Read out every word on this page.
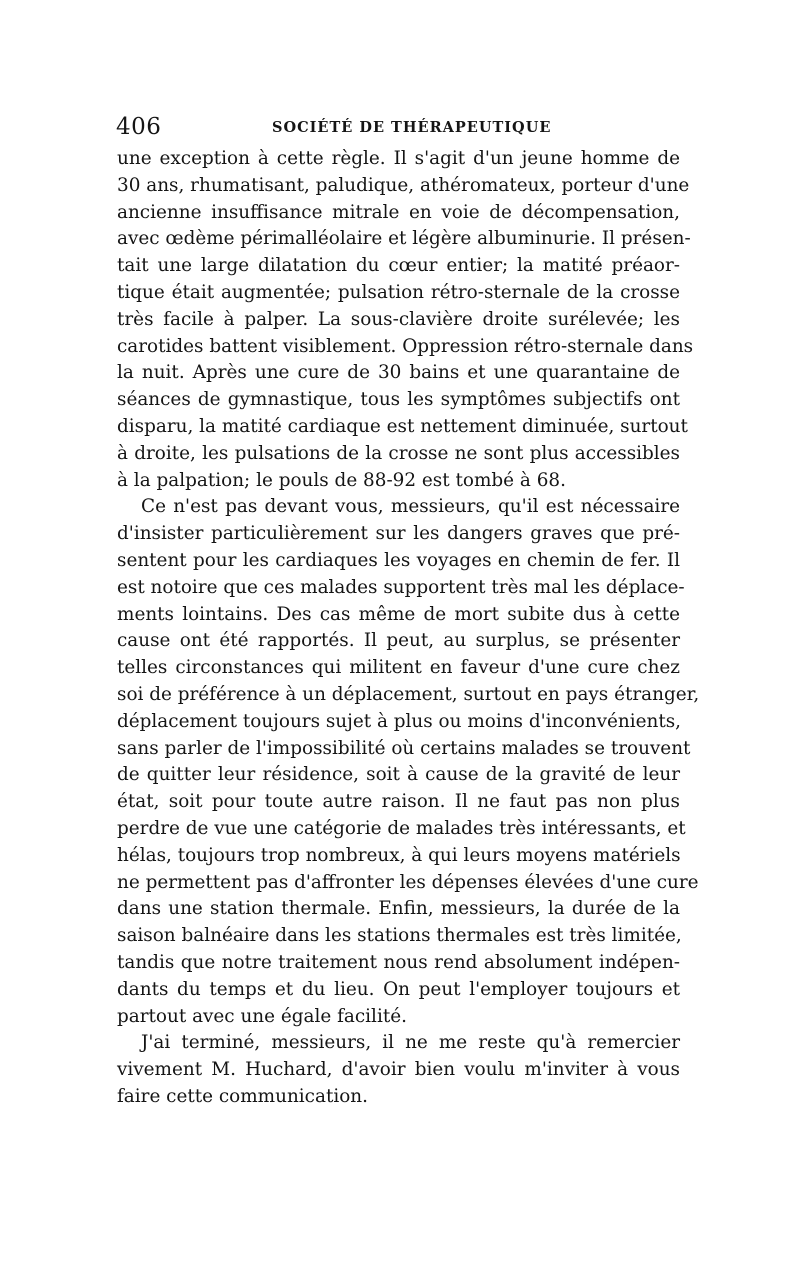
406	SOCIÉTÉ DE THÉRAPEUTIQUE
une exception à cette règle. Il s'agit d'un jeune homme de
30 ans, rhumatisant, paludique, athéromateux, porteur d'une
ancienne insuffisance mitrale en voie de décompensation,
avec œdème périmalléolaire et légère albuminurie. Il présen-
tait une large dilatation du cœur entier; la matité préaor-
tique était augmentée; pulsation rétro-sternale de la crosse
très facile à palper. La sous-clavière droite surélevée; les
carotides battent visiblement. Oppression rétro-sternale dans
la nuit. Après une cure de 30 bains et une quarantaine de
séances de gymnastique, tous les symptômes subjectifs ont
disparu, la matité cardiaque est nettement diminuée, surtout
à droite, les pulsations de la crosse ne sont plus accessibles
à la palpation; le pouls de 88-92 est tombé à 68.
Ce n'est pas devant vous, messieurs, qu'il est nécessaire
d'insister particulièrement sur les dangers graves que pré-
sentent pour les cardiaques les voyages en chemin de fer. Il
est notoire que ces malades supportent très mal les déplace-
ments lointains. Des cas même de mort subite dus à cette
cause ont été rapportés. Il peut, au surplus, se présenter
telles circonstances qui militent en faveur d'une cure chez
soi de préférence à un déplacement, surtout en pays étranger,
déplacement toujours sujet à plus ou moins d'inconvénients,
sans parler de l'impossibilité où certains malades se trouvent
de quitter leur résidence, soit à cause de la gravité de leur
état, soit pour toute autre raison. Il ne faut pas non plus
perdre de vue une catégorie de malades très intéressants, et
hélas, toujours trop nombreux, à qui leurs moyens matériels
ne permettent pas d'affronter les dépenses élevées d'une cure
dans une station thermale. Enfin, messieurs, la durée de la
saison balnéaire dans les stations thermales est très limitée,
tandis que notre traitement nous rend absolument indépen-
dants du temps et du lieu. On peut l'employer toujours et
partout avec une égale facilité.
J'ai terminé, messieurs, il ne me reste qu'à remercier
vivement M. Huchard, d'avoir bien voulu m'inviter à vous
faire cette communication.
